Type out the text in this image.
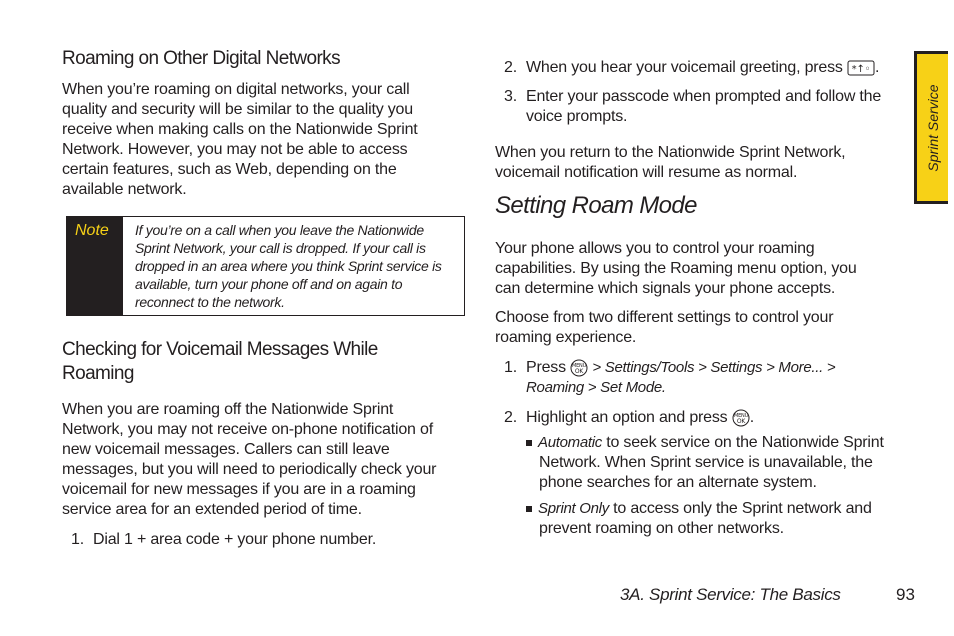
Roaming on Other Digital Networks
When you’re roaming on digital networks, your call
quality and security will be similar to the quality you
receive when making calls on the Nationwide Sprint
Network. However, you may not be able to access
certain features, such as Web, depending on the
available network.
Note If you’re on a call when you leave the Nationwide
Sprint Network, your call is dropped. If your call is
dropped in an area where you think Sprint service is
available, turn your phone off and on again to
reconnect to the network.
Checking for Voicemail Messages While
Roaming
When you are roaming off the Nationwide Sprint
Network, you may not receive on-phone notification of
new voicemail messages. Callers can still leave
messages, but you will need to periodically check your
voicemail for new messages if you are in a roaming
service area for an extended period of time.
1. Dial 1 + area code + your phone number.
2. When you hear your voicemail greeting, press *↑◦ .
3. Enter your passcode when prompted and follow the
voice prompts.
When you return to the Nationwide Sprint Network,
voicemail notification will resume as normal.
Setting Roam Mode
Your phone allows you to control your roaming
capabilities. By using the Roaming menu option, you
can determine which signals your phone accepts.
Choose from two different settings to control your
roaming experience.
1. Press MENU
OK > Settings/Tools > Settings > More... >
Roaming > Set Mode.
2. Highlight an option and press MENU
OK .
Automatic to seek service on the Nationwide Sprint
Network. When Sprint service is unavailable, the
phone searches for an alternate system.
Sprint Only to access only the Sprint network and
prevent roaming on other networks.
Sprint Service
3A. Sprint Service: The Basics	93
